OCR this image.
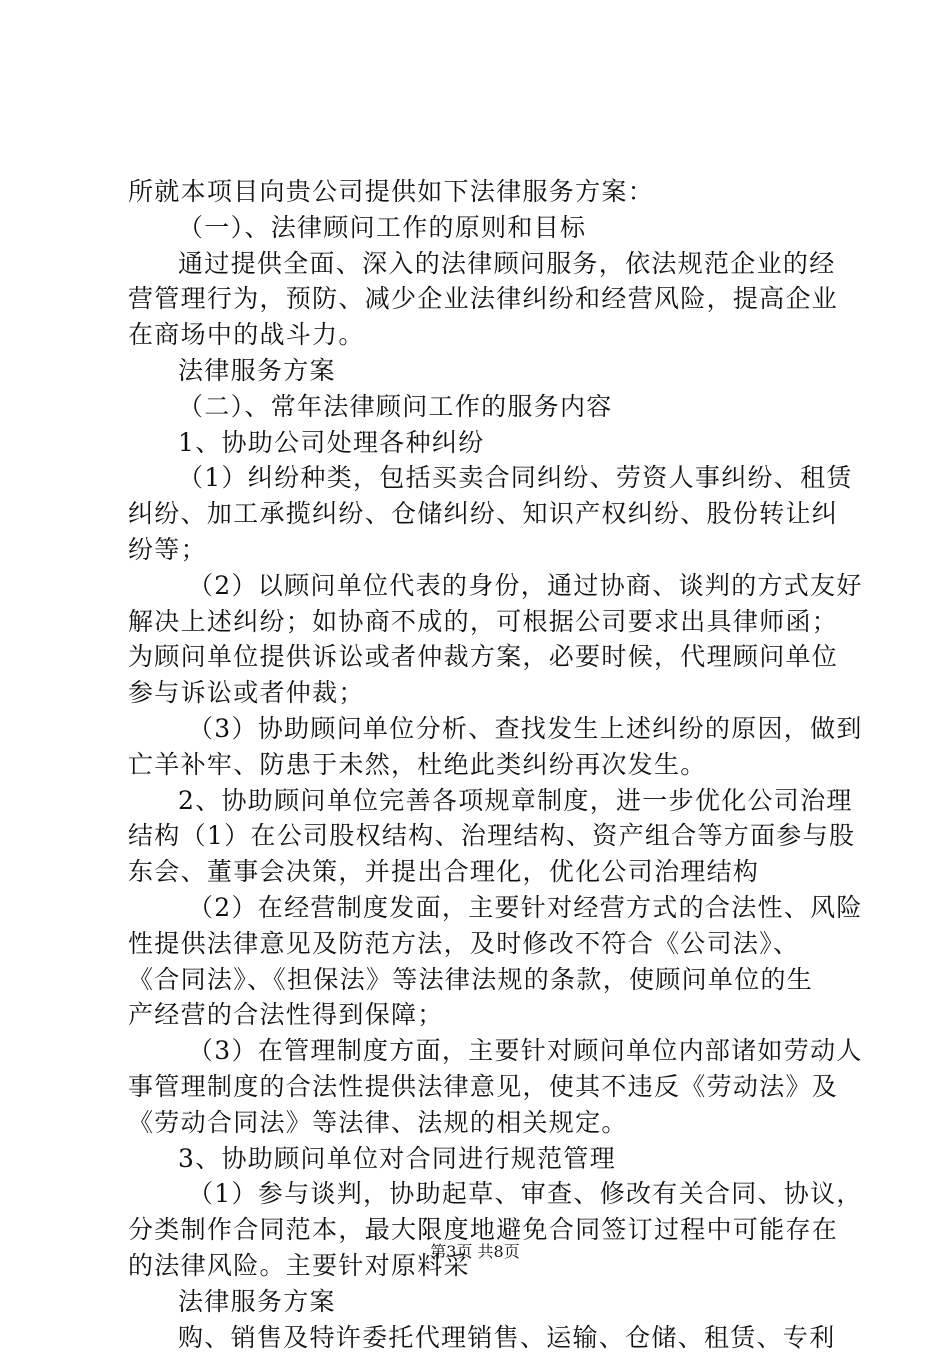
所就本项目向贵公司提供如下法律服务方案：
（一）、法律顾问工作的原则和目标
通过提供全面、深入的法律顾问服务，依法规范企业的经
营管理行为，预防、减少企业法律纠纷和经营风险，提高企业
在商场中的战斗力。
法律服务方案
（二）、常年法律顾问工作的服务内容
1、协助公司处理各种纠纷
（1）纠纷种类，包括买卖合同纠纷、劳资人事纠纷、租赁
纠纷、加工承揽纠纷、仓储纠纷、知识产权纠纷、股份转让纠
纷等；
（2）以顾问单位代表的身份，通过协商、谈判的方式友好
解决上述纠纷；如协商不成的，可根据公司要求出具律师函；
为顾问单位提供诉讼或者仲裁方案，必要时候，代理顾问单位
参与诉讼或者仲裁；
（3）协助顾问单位分析、查找发生上述纠纷的原因，做到
亡羊补牢、防患于未然，杜绝此类纠纷再次发生。
2、协助顾问单位完善各项规章制度，进一步优化公司治理
结构（1）在公司股权结构、治理结构、资产组合等方面参与股
东会、董事会决策，并提出合理化，优化公司治理结构
（2）在经营制度发面，主要针对经营方式的合法性、风险
性提供法律意见及防范方法，及时修改不符合《公司法》、
《合同法》、《担保法》等法律法规的条款，使顾问单位的生
产经营的合法性得到保障；
（3）在管理制度方面，主要针对顾问单位内部诸如劳动人
事管理制度的合法性提供法律意见，使其不违反《劳动法》及
《劳动合同法》等法律、法规的相关规定。
3、协助顾问单位对合同进行规范管理
（1）参与谈判，协助起草、审查、修改有关合同、协议，
分类制作合同范本，最大限度地避免合同签订过程中可能存在
的法律风险。主要针对原料采
法律服务方案
购、销售及特许委托代理销售、运输、仓储、租赁、专利
第3页 共8页
